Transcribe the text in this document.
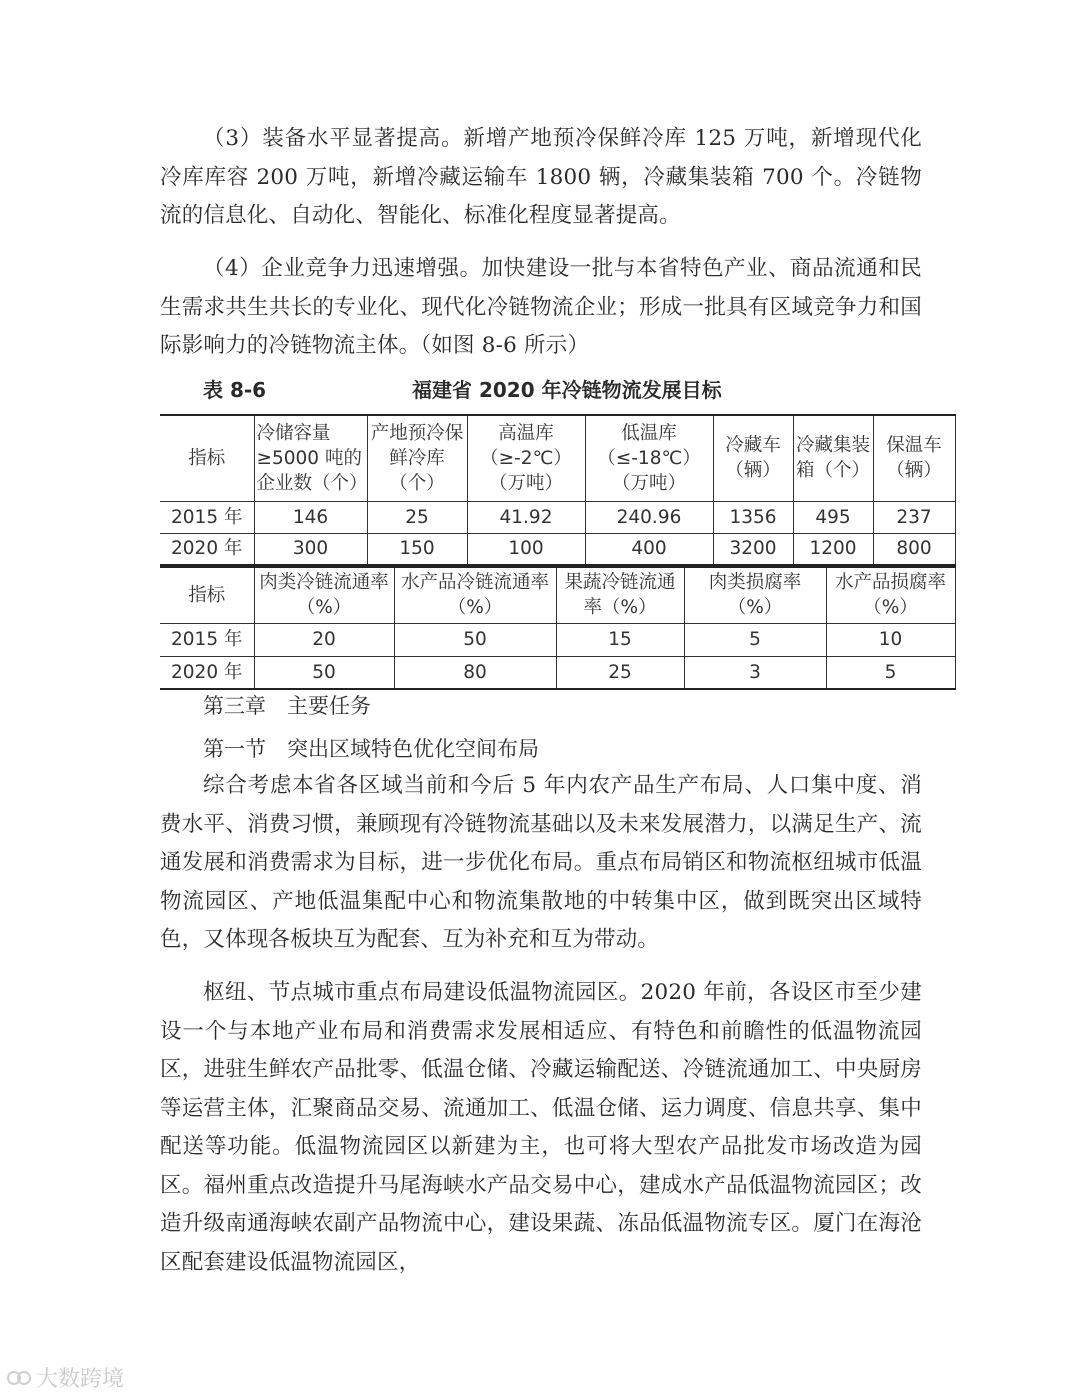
（3）装备水平显著提高。新增产地预冷保鲜冷库 125 万吨，新增现代化冷库库容 200 万吨，新增冷藏运输车 1800 辆，冷藏集装箱 700 个。冷链物流的信息化、自动化、智能化、标准化程度显著提高。

（4）企业竞争力迅速增强。加快建设一批与本省特色产业、商品流通和民生需求共生共长的专业化、现代化冷链物流企业；形成一批具有区域竞争力和国际影响力的冷链物流主体。（如图 8-6 所示）

表 8-6	福建省 2020 年冷链物流发展目标
指标	冷储容量≥5000 吨的企业数（个）	产地预冷保鲜冷库（个）	高温库（≥-2℃）（万吨）	低温库（≤-18℃）（万吨）	冷藏车（辆）	冷藏集装箱（个）	保温车（辆）
2015 年	146	25	41.92	240.96	1356	495	237
2020 年	300	150	100	400	3200	1200	800
指标	肉类冷链流通率（%）	水产品冷链流通率（%）	果蔬冷链流通率（%）	肉类损腐率（%）	水产品损腐率（%）
2015 年	20	50	15	5	10
2020 年	50	80	25	3	5
第三章　主要任务
第一节　突出区域特色优化空间布局

综合考虑本省各区域当前和今后 5 年内农产品生产布局、人口集中度、消费水平、消费习惯，兼顾现有冷链物流基础以及未来发展潜力，以满足生产、流通发展和消费需求为目标，进一步优化布局。重点布局销区和物流枢纽城市低温物流园区、产地低温集配中心和物流集散地的中转集中区，做到既突出区域特色，又体现各板块互为配套、互为补充和互为带动。

枢纽、节点城市重点布局建设低温物流园区。2020 年前，各设区市至少建设一个与本地产业布局和消费需求发展相适应、有特色和前瞻性的低温物流园区，进驻生鲜农产品批零、低温仓储、冷藏运输配送、冷链流通加工、中央厨房等运营主体，汇聚商品交易、流通加工、低温仓储、运力调度、信息共享、集中配送等功能。低温物流园区以新建为主，也可将大型农产品批发市场改造为园区。福州重点改造提升马尾海峡水产品交易中心，建成水产品低温物流园区；改造升级南通海峡农副产品物流中心，建设果蔬、冻品低温物流专区。厦门在海沧区配套建设低温物流园区，

大数跨境
